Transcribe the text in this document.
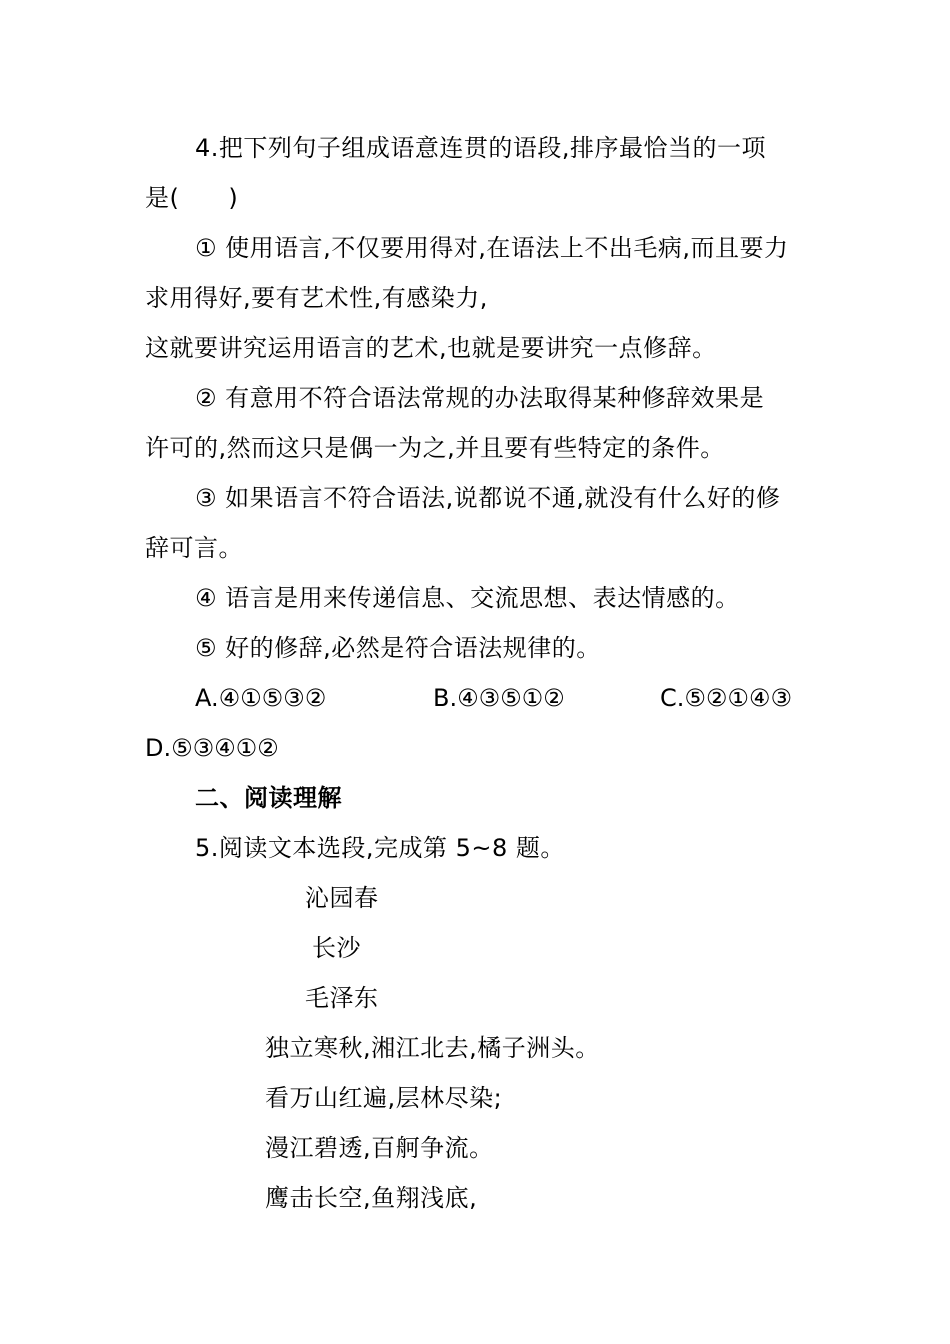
4.把下列句子组成语意连贯的语段,排序最恰当的一项
是(  )
① 使用语言,不仅要用得对,在语法上不出毛病,而且要力
求用得好,要有艺术性,有感染力,
这就要讲究运用语言的艺术,也就是要讲究一点修辞。
② 有意用不符合语法常规的办法取得某种修辞效果是
许可的,然而这只是偶一为之,并且要有些特定的条件。
③ 如果语言不符合语法,说都说不通,就没有什么好的修
辞可言。
④ 语言是用来传递信息、交流思想、表达情感的。
⑤ 好的修辞,必然是符合语法规律的。
A.④①⑤③②	B.④③⑤①②	C.⑤②①④③
D.⑤③④①②
二、阅读理解
5.阅读文本选段,完成第 5~8 题。
沁园春
长沙
毛泽东
独立寒秋,湘江北去,橘子洲头。
看万山红遍,层林尽染;
漫江碧透,百舸争流。
鹰击长空,鱼翔浅底,
